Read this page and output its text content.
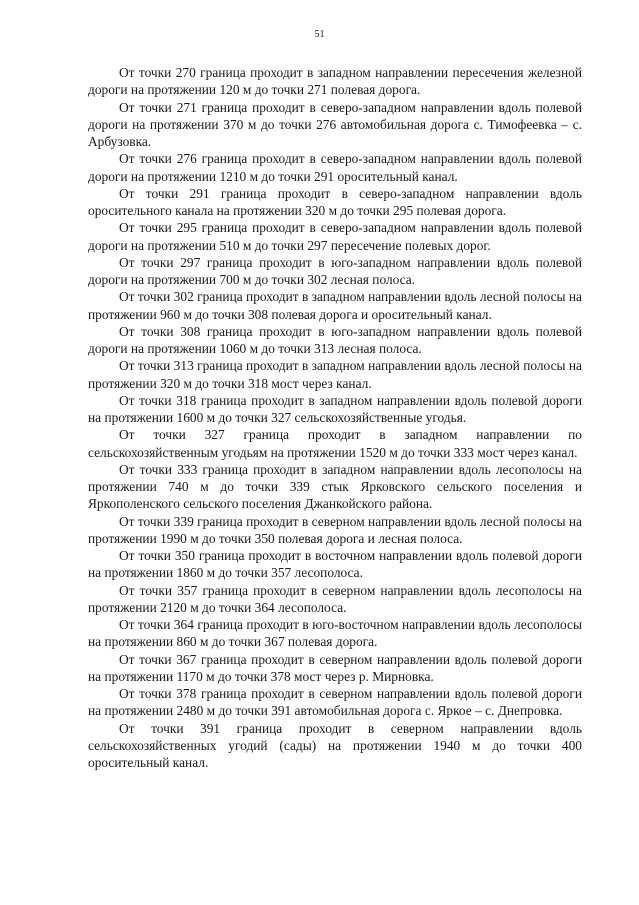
51

От точки 270 граница проходит в западном направлении пересечения железной дороги на протяжении 120 м до точки 271 полевая дорога.

От точки 271 граница проходит в северо-западном направлении вдоль полевой дороги на протяжении 370 м до точки 276 автомобильная дорога с. Тимофеевка – с. Арбузовка.

От точки 276 граница проходит в северо-западном направлении вдоль полевой дороги на протяжении 1210 м до точки 291 оросительный канал.

От точки 291 граница проходит в северо-западном направлении вдоль оросительного канала на протяжении 320 м до точки 295 полевая дорога.

От точки 295 граница проходит в северо-западном направлении вдоль полевой дороги на протяжении 510 м до точки 297 пересечение полевых дорог.

От точки 297 граница проходит в юго-западном направлении вдоль полевой дороги на протяжении 700 м до точки 302 лесная полоса.

От точки 302 граница проходит в западном направлении вдоль лесной полосы на протяжении 960 м до точки 308 полевая дорога и оросительный канал.

От точки 308 граница проходит в юго-западном направлении вдоль полевой дороги на протяжении 1060 м до точки 313 лесная полоса.

От точки 313 граница проходит в западном направлении вдоль лесной полосы на протяжении 320 м до точки 318 мост через канал.

От точки 318 граница проходит в западном направлении вдоль полевой дороги на протяжении 1600 м до точки 327 сельскохозяйственные угодья.

От точки 327 граница проходит в западном направлении по сельскохозяйственным угодьям на протяжении 1520 м до точки 333 мост через канал.

От точки 333 граница проходит в западном направлении вдоль лесополосы на протяжении 740 м до точки 339 стык Ярковского сельского поселения и Яркополенского сельского поселения Джанкойского района.

От точки 339 граница проходит в северном направлении вдоль лесной полосы на протяжении 1990 м до точки 350 полевая дорога и лесная полоса.

От точки 350 граница проходит в восточном направлении вдоль полевой дороги на протяжении 1860 м до точки 357 лесополоса.

От точки 357 граница проходит в северном направлении вдоль лесополосы на протяжении 2120 м до точки 364 лесополоса.

От точки 364 граница проходит в юго-восточном направлении вдоль лесополосы на протяжении 860 м до точки 367 полевая дорога.

От точки 367 граница проходит в северном направлении вдоль полевой дороги на протяжении 1170 м до точки 378 мост через р. Мирновка.

От точки 378 граница проходит в северном направлении вдоль полевой дороги на протяжении 2480 м до точки 391 автомобильная дорога с. Яркое – с. Днепровка.

От точки 391 граница проходит в северном направлении вдоль сельскохозяйственных угодий (сады) на протяжении 1940 м до точки 400 оросительный канал.
